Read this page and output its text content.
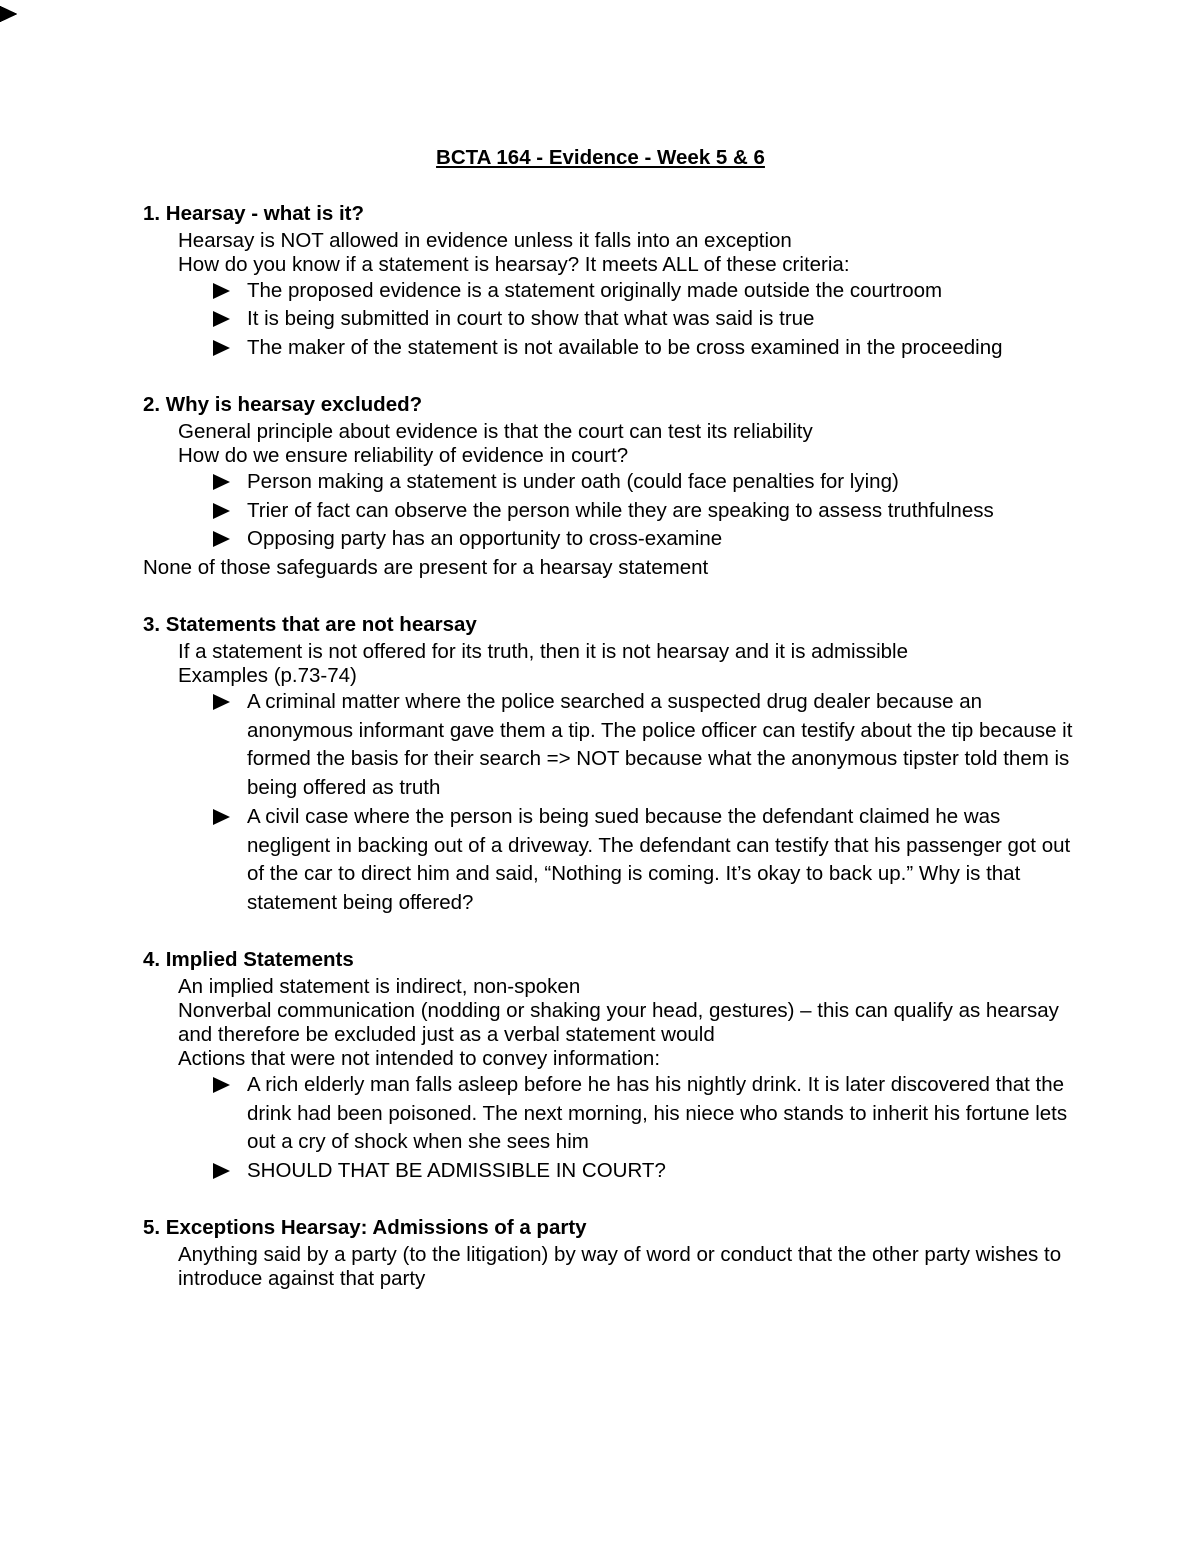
BCTA 164 - Evidence - Week 5 & 6
1. Hearsay - what is it?
Hearsay is NOT allowed in evidence unless it falls into an exception
How do you know if a statement is hearsay? It meets ALL of these criteria:
The proposed evidence is a statement originally made outside the courtroom
It is being submitted in court to show that what was said is true
The maker of the statement is not available to be cross examined in the proceeding
2. Why is hearsay excluded?
General principle about evidence is that the court can test its reliability
How do we ensure reliability of evidence in court?
Person making a statement is under oath (could face penalties for lying)
Trier of fact can observe the person while they are speaking to assess truthfulness
Opposing party has an opportunity to cross-examine
None of those safeguards are present for a hearsay statement
3. Statements that are not hearsay
If a statement is not offered for its truth, then it is not hearsay and it is admissible
Examples (p.73-74)
A criminal matter where the police searched a suspected drug dealer because an anonymous informant gave them a tip. The police officer can testify about the tip because it formed the basis for their search => NOT because what the anonymous tipster told them is being offered as truth
A civil case where the person is being sued because the defendant claimed he was negligent in backing out of a driveway. The defendant can testify that his passenger got out of the car to direct him and said, “Nothing is coming. It’s okay to back up.” Why is that statement being offered?
4. Implied Statements
An implied statement is indirect, non-spoken
Nonverbal communication (nodding or shaking your head, gestures) – this can qualify as hearsay and therefore be excluded just as a verbal statement would
Actions that were not intended to convey information:
A rich elderly man falls asleep before he has his nightly drink. It is later discovered that the drink had been poisoned. The next morning, his niece who stands to inherit his fortune lets out a cry of shock when she sees him
SHOULD THAT BE ADMISSIBLE IN COURT?
5. Exceptions Hearsay: Admissions of a party
Anything said by a party (to the litigation) by way of word or conduct that the other party wishes to introduce against that party
